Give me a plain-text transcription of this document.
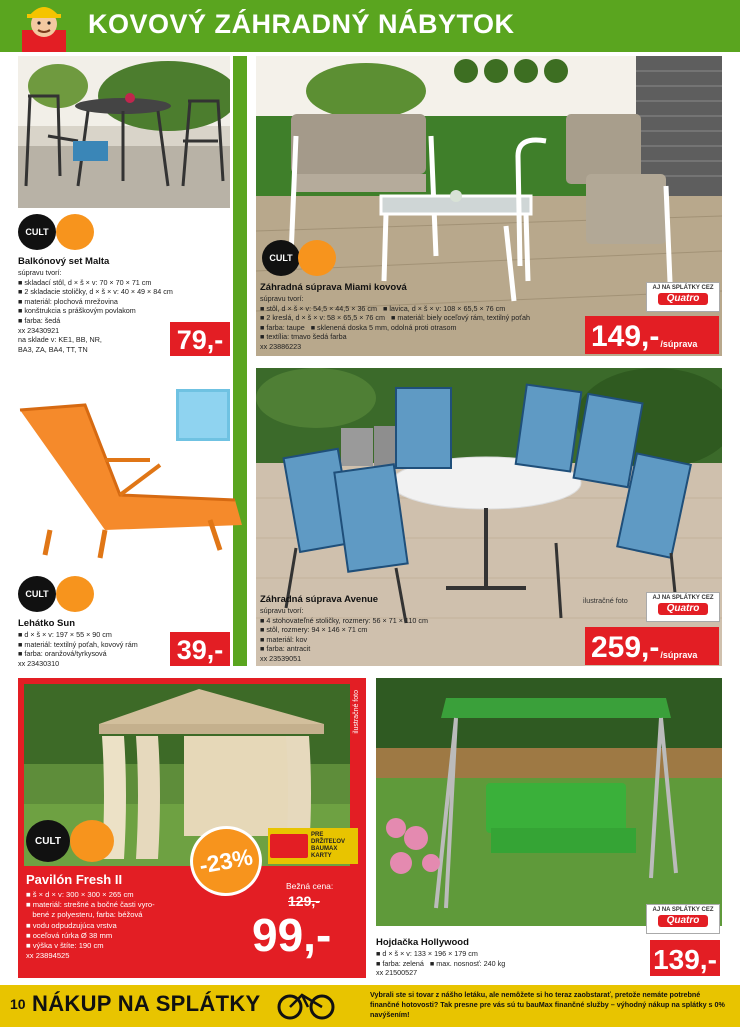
KOVOVÝ ZÁHRADNÝ NÁBYTOK
CULT
Balkónový set Malta
súpravu tvorí:
■ skladací stôl, d × š × v: 70 × 70 × 71 cm
■ 2 skladacie stoličky, d × š × v: 40 × 49 × 84 cm
■ materiál: plochová mrežovina
■ konštrukcia s práškovým povlakom
■ farba: šedá
xx 23430921
na sklade v: KE1, BB, NR,
BA3, ZA, BA4, TT, TN	79,-
CULT
Záhradná súprava Miami kovová
súpravu tvorí:
■ stôl, d × š × v: 54,5 × 44,5 × 36 cm   ■ lavica, d × š × v: 108 × 65,5 × 76 cm
■ 2 kreslá, d × š × v: 58 × 65,5 × 76 cm   ■ materiál: biely oceľový rám, textilný poťah
■ farba: taupe   ■ sklenená doska 5 mm, odolná proti otrasom
■ textília: tmavo šedá farba
xx 23886223
AJ NA SPLÁTKY CEZ
Quatro
149,- /súprava
CULT
Lehátko Sun
■ d × š × v: 197 × 55 × 90 cm
■ materiál: textilný poťah, kovový rám
■ farba: oranžová/tyrkysová
xx 23430310	39,-
Záhradná súprava Avenue
súpravu tvorí:
■ 4 stohovateľné stoličky, rozmery: 56 × 71 × 110 cm
■ stôl, rozmery: 94 × 146 × 71 cm
■ materiál: kov
■ farba: antracit
xx 23539051
ilustračné foto	AJ NA SPLÁTKY CEZ
Quatro
259,- /súprava
ilustračné foto
CULT
-23%
PRE DRŽITEĽOV BAUMAX KARTY
Pavilón Fresh II
■ š × d × v: 300 × 300 × 265 cm
■ materiál: strešné a bočné časti vyro-
bené z polyesteru, farba: béžová
■ vodu odpudzujúca vrstva
■ oceľová rúrka Ø 38 mm
■ výška v štíte: 190 cm
xx 23894525
Bežná cena:
129,-
99,-	Hojdačka Hollywood
■ d × š × v: 133 × 196 × 179 cm
■ farba: zelená   ■ max. nosnosť: 240 kg
xx 21500527
AJ NA SPLÁTKY CEZ
Quatro
139,-
10 NÁKUP NA SPLÁTKY	Vybrali ste si tovar z nášho letáku, ale nemôžete si ho teraz zaobstarať, pretože nemáte potrebné finančné hotovosti? Tak presne pre vás sú tu bauMax finančné služby – výhodný nákup na splátky s 0% navýšením!
